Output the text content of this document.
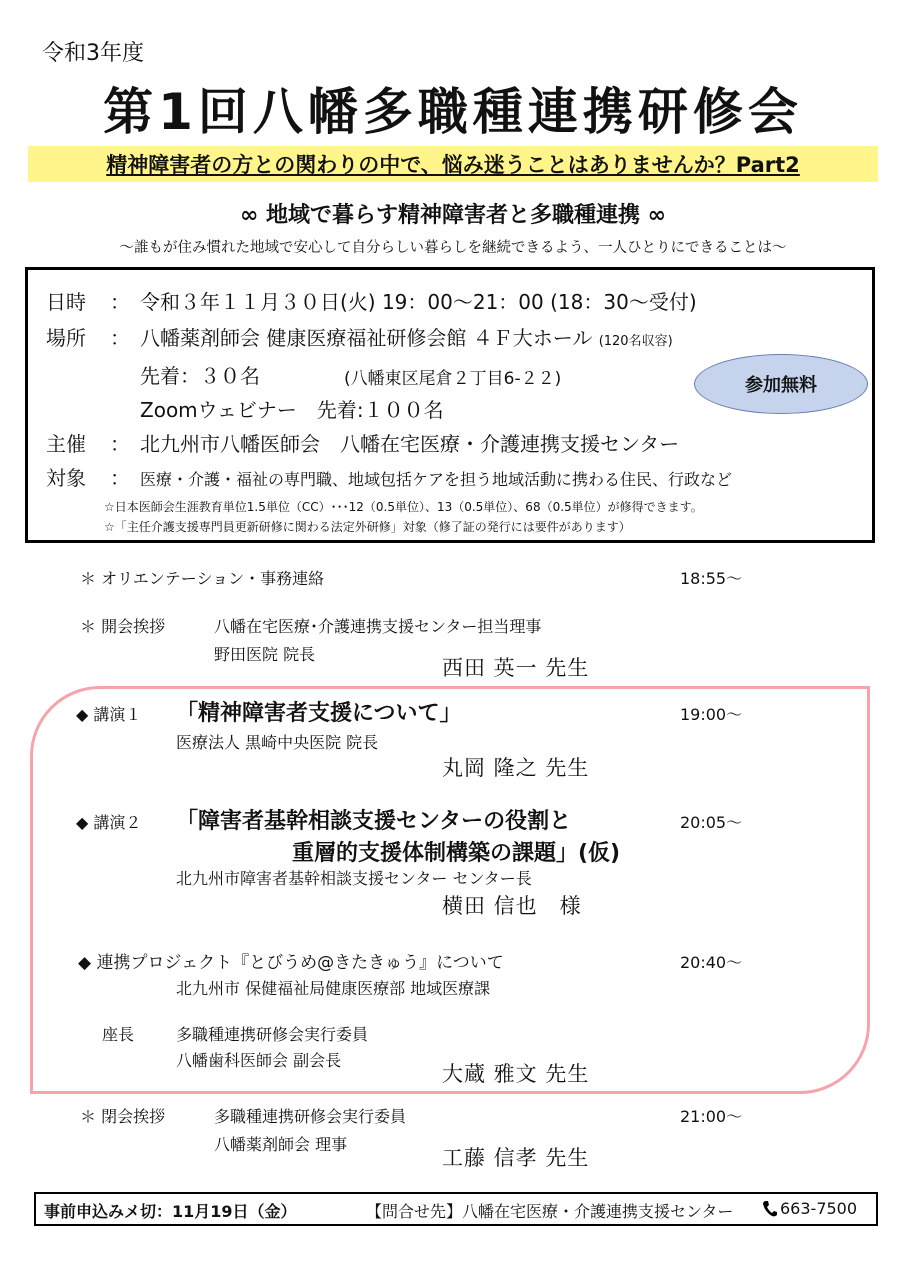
令和3年度
第1回八幡多職種連携研修会
精神障害者の方との関わりの中で、悩み迷うことはありませんか？Part2
∞ 地域で暮らす精神障害者と多職種連携 ∞
～誰もが住み慣れた地域で安心して自分らしい暮らしを継続できるよう、一人ひとりにできることは～
日時 ： 令和３年１１月３０日(火) 19：00～21：00 (18：30～受付)
場所 ： 八幡薬剤師会 健康医療福祉研修会館 ４Ｆ大ホール (120名収容)
先着：３０名	(八幡東区尾倉２丁目6-２２)
Zoomウェビナー　先着:１００名
参加無料
主催 ： 北九州市八幡医師会　八幡在宅医療・介護連携支援センター
対象 ： 医療・介護・福祉の専門職、地域包括ケアを担う地域活動に携わる住民、行政など
☆日本医師会生涯教育単位1.5単位（CC）･･･12（0.5単位）、13（0.5単位）、68（0.5単位）が修得できます。
☆「主任介護支援専門員更新研修に関わる法定外研修」対象（修了証の発行には要件があります）
＊ オリエンテーション・事務連絡	18:55～
＊ 開会挨拶	八幡在宅医療･介護連携支援センター担当理事
野田医院 院長
西田 英一 先生
◆ 講演１ 「精神障害者支援について」	19:00～
医療法人 黒崎中央医院 院長
丸岡 隆之 先生
◆ 講演２ 「障害者基幹相談支援センターの役割と	20:05～
重層的支援体制構築の課題」(仮)
北九州市障害者基幹相談支援センター センター長
横田 信也　様
◆ 連携プロジェクト『とびうめ@きたきゅう』について	20:40～
北九州市 保健福祉局健康医療部 地域医療課
座長	多職種連携研修会実行委員
八幡歯科医師会 副会長
大蔵 雅文 先生
＊ 閉会挨拶	多職種連携研修会実行委員	21:00～
八幡薬剤師会 理事
工藤 信孝 先生
事前申込みメ切：11月19日（金）	【問合せ先】八幡在宅医療・介護連携支援センター	663-7500
